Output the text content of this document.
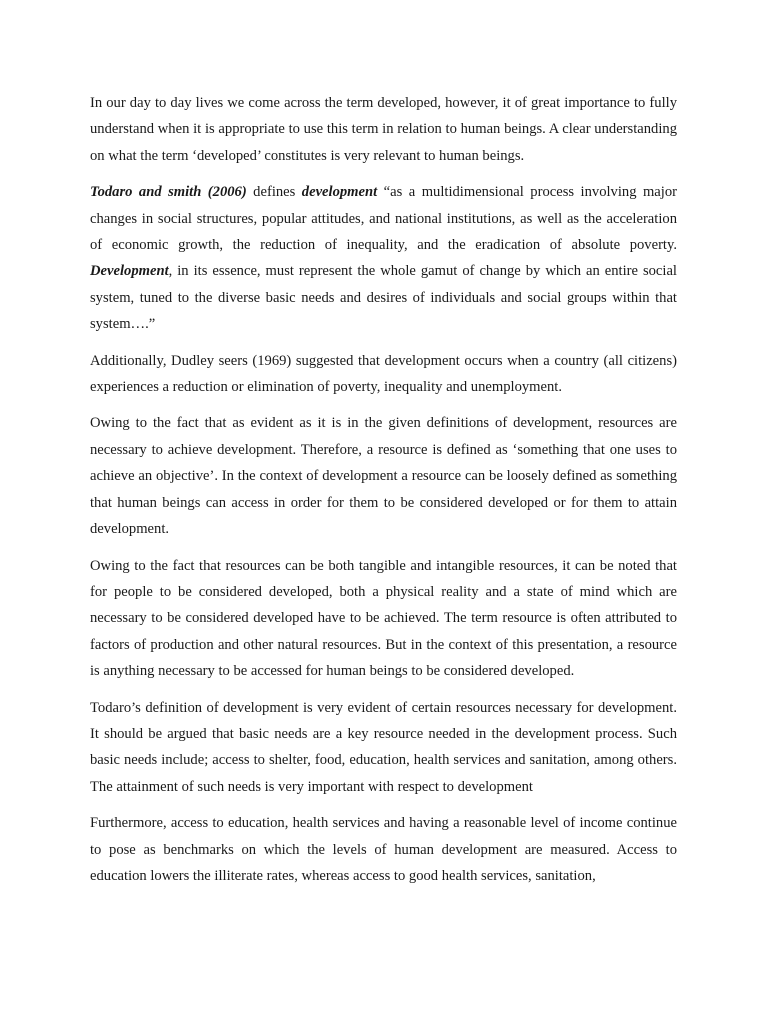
In our day to day lives we come across the term developed, however, it of great importance to fully understand when it is appropriate to use this term in relation to human beings. A clear understanding on what the term ‘developed’ constitutes is very relevant to human beings.

Todaro and smith (2006) defines development “as a multidimensional process involving major changes in social structures, popular attitudes, and national institutions, as well as the acceleration of economic growth, the reduction of inequality, and the eradication of absolute poverty. Development, in its essence, must represent the whole gamut of change by which an entire social system, tuned to the diverse basic needs and desires of individuals and social groups within that system….”

Additionally, Dudley seers (1969) suggested that development occurs when a country (all citizens) experiences a reduction or elimination of poverty, inequality and unemployment.

Owing to the fact that as evident as it is in the given definitions of development, resources are necessary to achieve development. Therefore, a resource is defined as ‘something that one uses to achieve an objective’. In the context of development a resource can be loosely defined as something that human beings can access in order for them to be considered developed or for them to attain development.

Owing to the fact that resources can be both tangible and intangible resources, it can be noted that for people to be considered developed, both a physical reality and a state of mind which are necessary to be considered developed have to be achieved. The term resource is often attributed to factors of production and other natural resources. But in the context of this presentation, a resource is anything necessary to be accessed for human beings to be considered developed.

Todaro’s definition of development is very evident of certain resources necessary for development. It should be argued that basic needs are a key resource needed in the development process. Such basic needs include; access to shelter, food, education, health services and sanitation, among others. The attainment of such needs is very important with respect to development

Furthermore, access to education, health services and having a reasonable level of income continue to pose as benchmarks on which the levels of human development are measured. Access to education lowers the illiterate rates, whereas access to good health services, sanitation,
